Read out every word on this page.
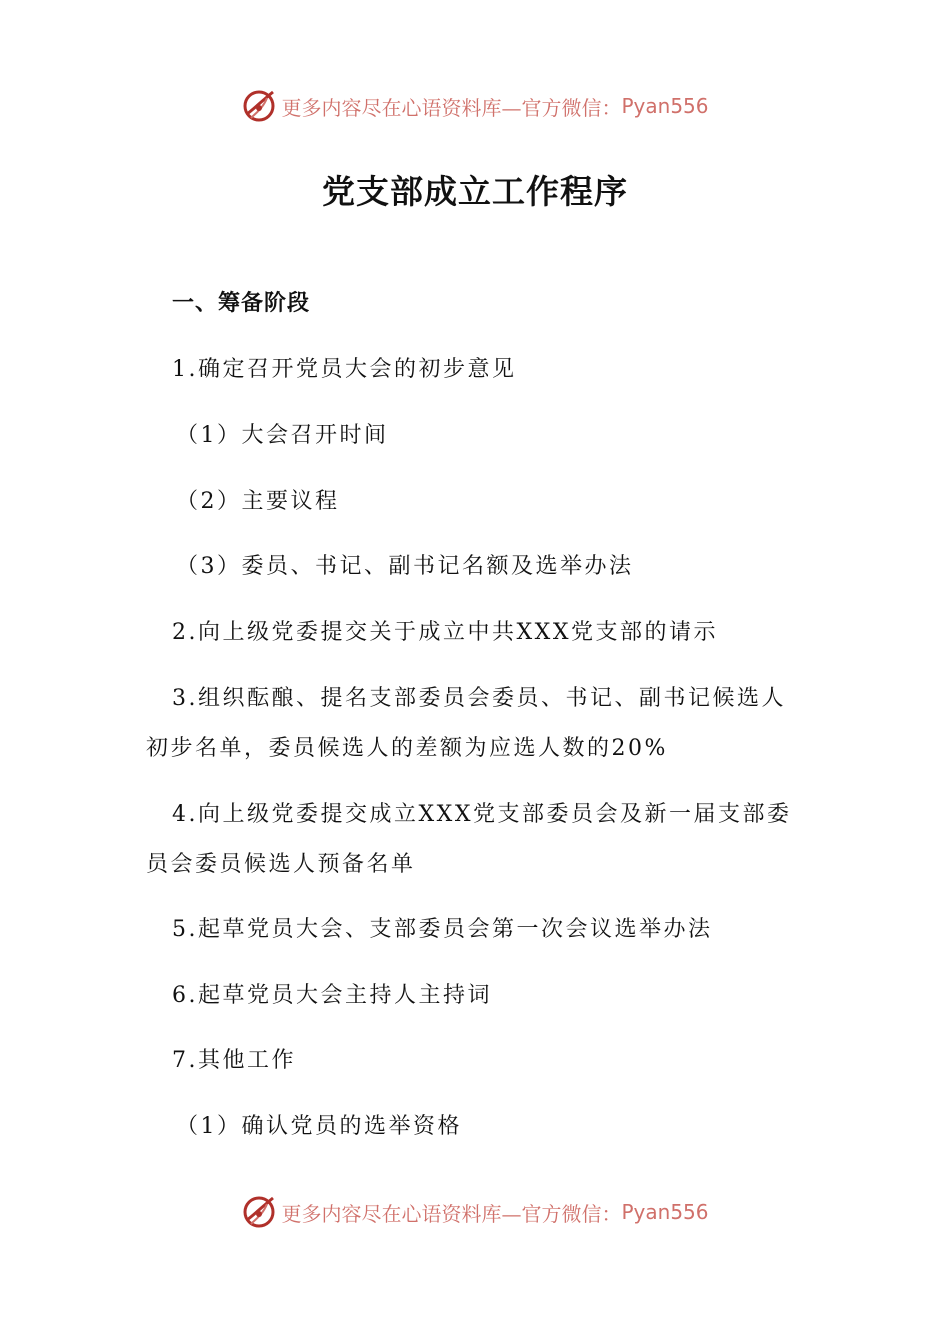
更多内容尽在心语资料库—官方微信： Pyan556
党支部成立工作程序
一、筹备阶段
1.确定召开党员大会的初步意见
（1）大会召开时间
（2）主要议程
（3）委员、书记、副书记名额及选举办法
2.向上级党委提交关于成立中共XXX党支部的请示
3.组织酝酿、提名支部委员会委员、书记、副书记候选人
初步名单，委员候选人的差额为应选人数的20%
4.向上级党委提交成立XXX党支部委员会及新一届支部委
员会委员候选人预备名单
5.起草党员大会、支部委员会第一次会议选举办法
6.起草党员大会主持人主持词
7.其他工作
（1）确认党员的选举资格
更多内容尽在心语资料库—官方微信： Pyan556
